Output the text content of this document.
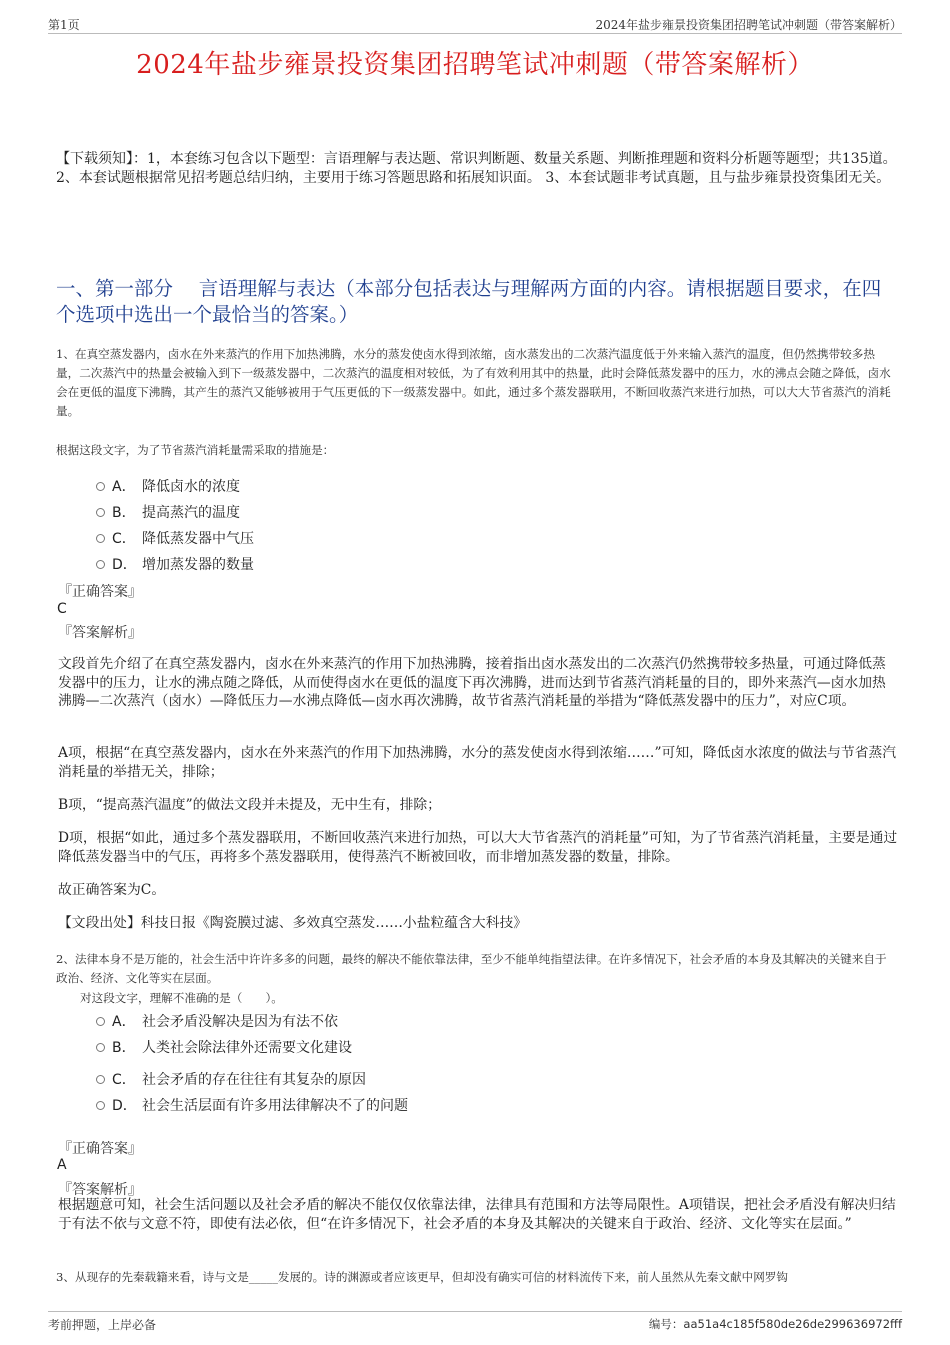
第1页	2024年盐步雍景投资集团招聘笔试冲刺题（带答案解析）
2024年盐步雍景投资集团招聘笔试冲刺题（带答案解析）
【下载须知】：1，本套练习包含以下题型：言语理解与表达题、常识判断题、数量关系题、判断推理题和资料分析题等题型；共135道。 2、本套试题根据常见招考题总结归纳，主要用于练习答题思路和拓展知识面。 3、本套试题非考试真题，且与盐步雍景投资集团无关。
一、第一部分　 言语理解与表达（本部分包括表达与理解两方面的内容。请根据题目要求，在四个选项中选出一个最恰当的答案。）
1、在真空蒸发器内，卤水在外来蒸汽的作用下加热沸腾，水分的蒸发使卤水得到浓缩，卤水蒸发出的二次蒸汽温度低于外来输入蒸汽的温度，但仍然携带较多热量，二次蒸汽中的热量会被输入到下一级蒸发器中，二次蒸汽的温度相对较低，为了有效利用其中的热量，此时会降低蒸发器中的压力，水的沸点会随之降低，卤水会在更低的温度下沸腾，其产生的蒸汽又能够被用于气压更低的下一级蒸发器中。如此，通过多个蒸发器联用，不断回收蒸汽来进行加热，可以大大节省蒸汽的消耗量。
根据这段文字，为了节省蒸汽消耗量需采取的措施是：
A． 降低卤水的浓度
B． 提高蒸汽的温度
C． 降低蒸发器中气压
D． 增加蒸发器的数量
『正确答案』
C
『答案解析』
文段首先介绍了在真空蒸发器内，卤水在外来蒸汽的作用下加热沸腾，接着指出卤水蒸发出的二次蒸汽仍然携带较多热量，可通过降低蒸发器中的压力，让水的沸点随之降低，从而使得卤水在更低的温度下再次沸腾，进而达到节省蒸汽消耗量的目的，即外来蒸汽—卤水加热沸腾—二次蒸汽（卤水）—降低压力—水沸点降低—卤水再次沸腾，故节省蒸汽消耗量的举措为“降低蒸发器中的压力”，对应C项。
A项，根据“在真空蒸发器内，卤水在外来蒸汽的作用下加热沸腾，水分的蒸发使卤水得到浓缩……”可知，降低卤水浓度的做法与节省蒸汽消耗量的举措无关，排除；
B项，“提高蒸汽温度”的做法文段并未提及，无中生有，排除；
D项，根据“如此，通过多个蒸发器联用，不断回收蒸汽来进行加热，可以大大节省蒸汽的消耗量”可知，为了节省蒸汽消耗量，主要是通过降低蒸发器当中的气压，再将多个蒸发器联用，使得蒸汽不断被回收，而非增加蒸发器的数量，排除。
故正确答案为C。
【文段出处】科技日报《陶瓷膜过滤、多效真空蒸发……小盐粒蕴含大科技》
2、法律本身不是万能的，社会生活中许许多多的问题，最终的解决不能依靠法律，至少不能单纯指望法律。在许多情况下，社会矛盾的本身及其解决的关键来自于政治、经济、文化等实在层面。
对这段文字，理解不准确的是（　　）。
A． 社会矛盾没解决是因为有法不依
B． 人类社会除法律外还需要文化建设
C． 社会矛盾的存在往往有其复杂的原因
D． 社会生活层面有许多用法律解决不了的问题
『正确答案』
A
『答案解析』
根据题意可知，社会生活问题以及社会矛盾的解决不能仅仅依靠法律，法律具有范围和方法等局限性。A项错误，把社会矛盾没有解决归结于有法不依与文意不符，即使有法必依，但“在许多情况下，社会矛盾的本身及其解决的关键来自于政治、经济、文化等实在层面。”
3、从现存的先秦载籍来看，诗与文是_____发展的。诗的渊源或者应该更早，但却没有确实可信的材料流传下来，前人虽然从先秦文献中网罗钩
考前押题，上岸必备	编号：aa51a4c185f580de26de299636972fff
